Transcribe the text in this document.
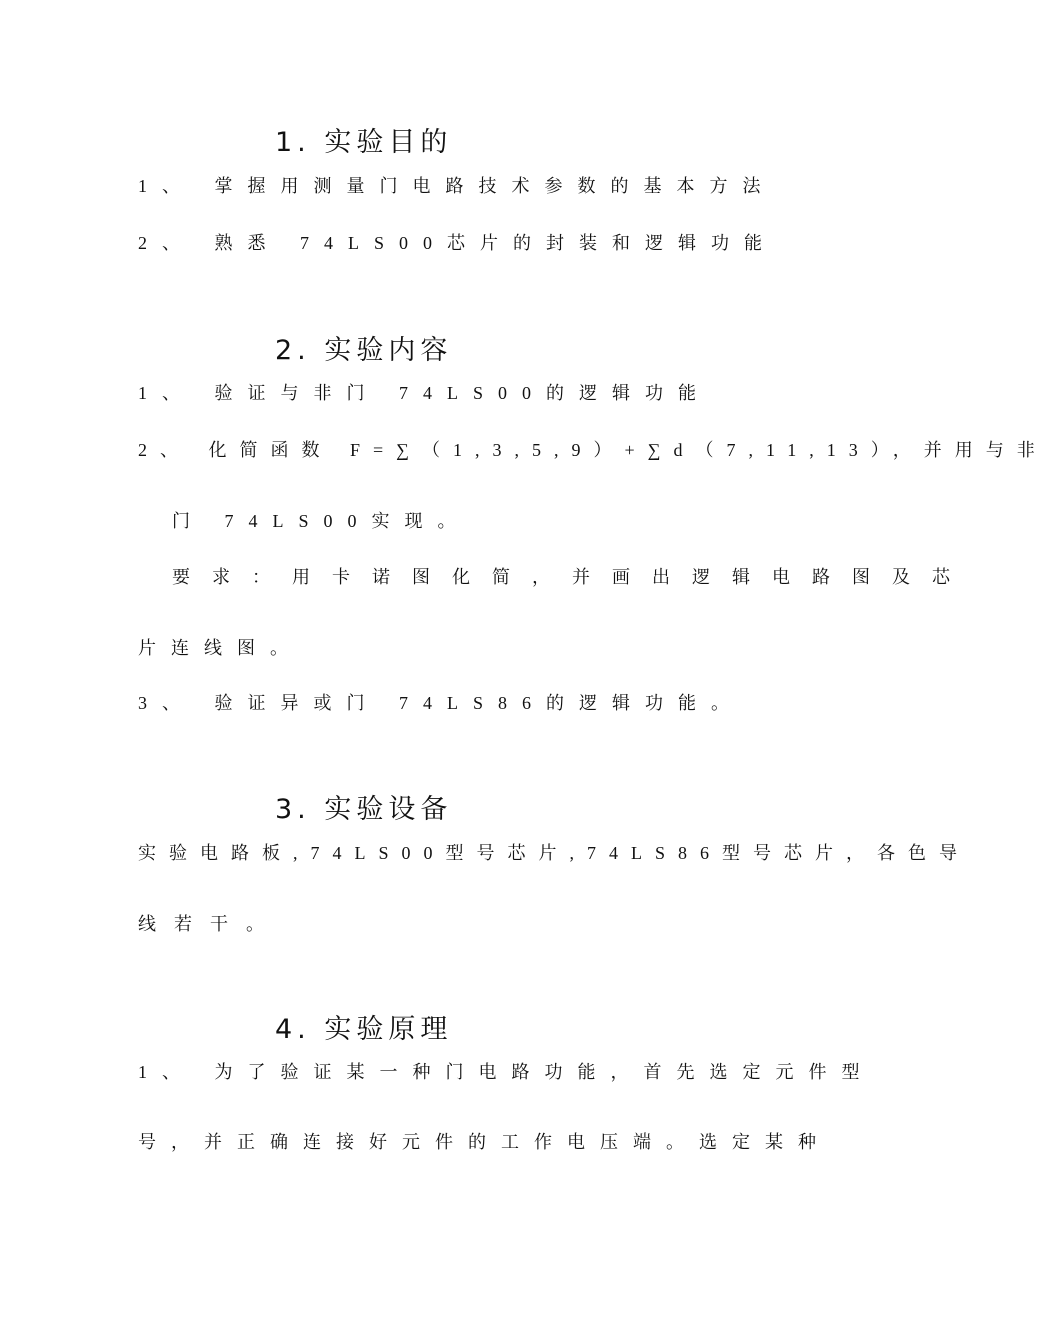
1. 实验目的
1、 掌握用测量门电路技术参数的基本方法
2、 熟悉 74LS00芯片的封装和逻辑功能
2. 实验内容
1、 验证与非门 74LS00的逻辑功能
2、 化简函数 F=∑（1,3,5,9）+∑d（7,11,13），并用与非
门 74LS00实现。
要求：用卡诺图化简，并画出逻辑电路图及芯
片连线图。
3、 验证异或门 74LS86的逻辑功能。
3. 实验设备
实验电路板,74LS00型号芯片,74LS86型号芯片，各色导
线若干。
4. 实验原理
1、 为了验证某一种门电路功能，首先选定元件型
号，并正确连接好元件的工作电压端。选定某种
